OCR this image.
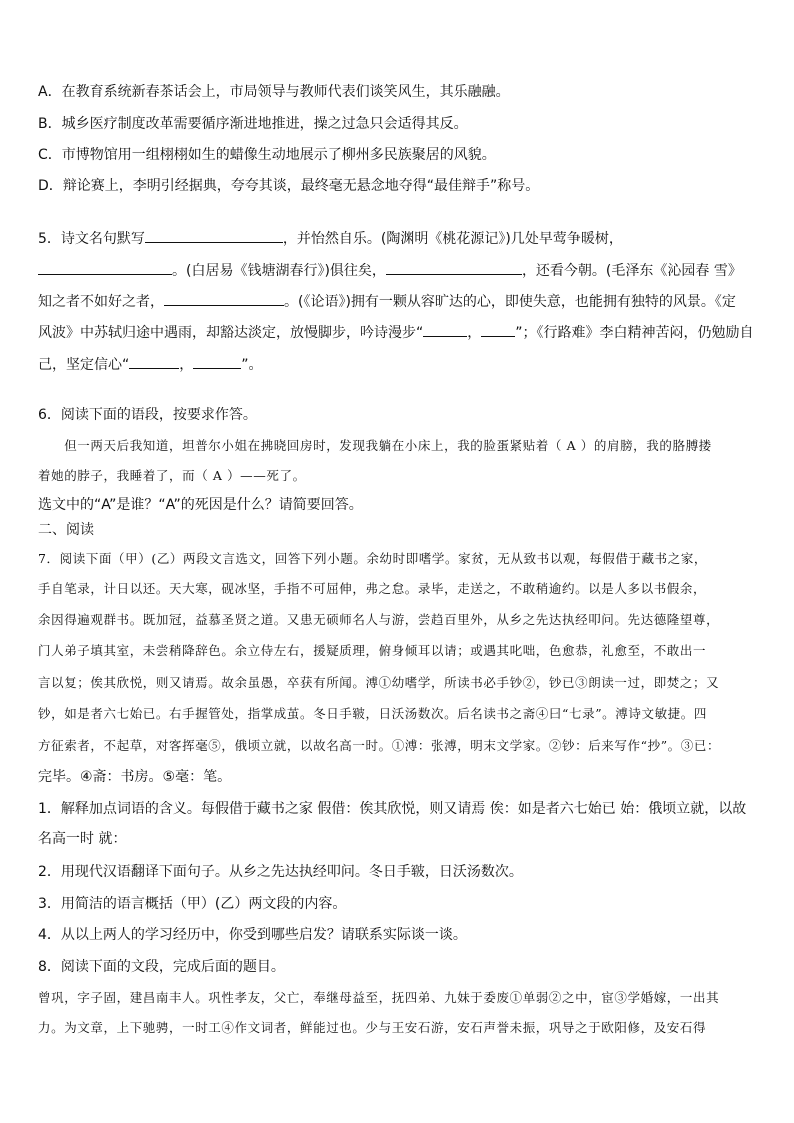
A．在教育系统新春茶话会上，市局领导与教师代表们谈笑风生，其乐融融。
B．城乡医疗制度改革需要循序渐进地推进，操之过急只会适得其反。
C．市博物馆用一组栩栩如生的蜡像生动地展示了柳州多民族聚居的风貌。
D．辩论赛上，李明引经据典，夸夸其谈，最终毫无悬念地夺得“最佳辩手”称号。
5．诗文名句默写	，并怡然自乐。(陶渊明《桃花源记》)几处早莺争暖树，
。(白居易《钱塘湖春行》)俱往矣，	，还看今朝。(毛泽东《沁园春 雪》
知之者不如好之者，	。(《论语》)拥有一颗从容旷达的心，即使失意，也能拥有独特的风景。《定
风波》中苏轼归途中遇雨，却豁达淡定，放慢脚步，吟诗漫步“	， ”；《行路难》李白精神苦闷，仍勉励自
己，坚定信心“	，	”。
6．阅读下面的语段，按要求作答。
　　但一两天后我知道，坦普尔小姐在拂晓回房时，发现我躺在小床上，我的脸蛋紧贴着（ A ）的肩膀，我的胳膊搂
着她的脖子，我睡着了，而（ A ）——死了。
选文中的“A”是谁？“A”的死因是什么？请简要回答。
二、阅读
7．阅读下面（甲）(乙）两段文言选文，回答下列小题。余幼时即嗜学。家贫，无从致书以观，每假借于藏书之家，
手自笔录，计日以还。天大寒，砚冰坚，手指不可屈伸，弗之怠。录毕，走送之，不敢稍逾约。以是人多以书假余，
余因得遍观群书。既加冠，益慕圣贤之道。又患无硕师名人与游，尝趋百里外，从乡之先达执经叩问。先达德隆望尊，
门人弟子填其室，未尝稍降辞色。余立侍左右，援疑质理，俯身倾耳以请；或遇其叱咄，色愈恭，礼愈至，不敢出一
言以复；俟其欣悦，则又请焉。故余虽愚，卒获有所闻。溥①幼嗜学，所读书必手钞②，钞已③朗读一过，即焚之；又
钞，如是者六七始已。右手握管处，指掌成茧。冬日手皲，日沃汤数次。后名读书之斋④曰“七录”。溥诗文敏捷。四
方征索者，不起草，对客挥毫⑤，俄顷立就，以故名高一时。①溥：张溥，明末文学家。②钞：后来写作“抄”。③已：
完毕。④斋：书房。⑤毫：笔。
1．解释加点词语的含义。每假借于藏书之家 假借：俟其欣悦，则又请焉 俟：如是者六七始已 始：俄顷立就，以故
名高一时 就：
2．用现代汉语翻译下面句子。从乡之先达执经叩问。冬日手皲，日沃汤数次。
3．用简洁的语言概括（甲）(乙）两文段的内容。
4．从以上两人的学习经历中，你受到哪些启发？请联系实际谈一谈。
8．阅读下面的文段，完成后面的题目。
曾巩，字子固，建昌南丰人。巩性孝友，父亡，奉继母益至，抚四弟、九妹于委废①单弱②之中，宦③学婚嫁，一出其
力。为文章，上下驰骋，一时工④作文词者，鲜能过也。少与王安石游，安石声誉未振，巩导之于欧阳修，及安石得
